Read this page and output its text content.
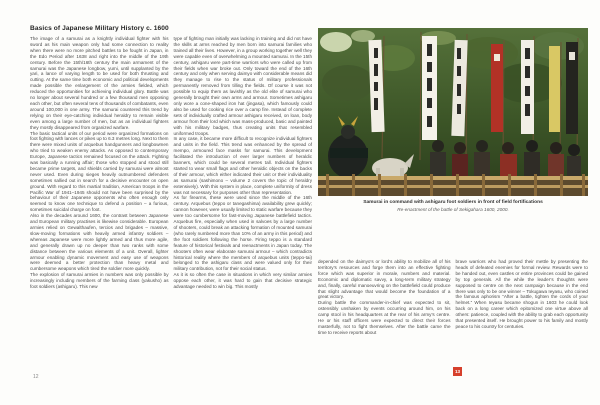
Basics of Japanese Military History c. 1600

The image of a samurai as a knightly individual fighter with his sword as his main weapon only had some connection to reality when there were no more pitched battles to be fought in Japan, in the Edo Period after 1638 and right into the middle of the 19th century. Before the 15th/16th century the main armament of the samurai was the Japanese longbow, yumi, until supplanted by the yari, a lance of varying length to be used for both thrusting and cutting. At the same time both economic and political developments made possible the enlargement of the armies fielded, which reduced the opportunities for achieving individual glory. Battle was no longer about several hundred or a few thousand men opposing each other, but often several tens of thousands of combatants, even around 100,000 in one army. The samurai countered this trend by relying on their eye-catching individual heraldry to remain visible even among a large number of men, but as an individual fighters they mostly disappeared from organized warfare.

The basic tactical units of our period were organized formations on foot fighting with lances or pikes up to 6.3 metres long. Next to them there were mixed units of arquebus handgunners and longbowmen who tried to weaken enemy attacks. As opposed to contemporary Europe, Japanese tactics remained focused on the attack. Fighting was basically a running affair; those who stopped and stood still became prime targets, and shields carried by samurai were almost never used. Even during sieges heavily outnumbered defenders sometimes sallied out in search for a decisive encounter on open ground. With regard to this martial tradition, American troops in the Pacific War of 1941–1945 should not have been surprised by the behaviour of their Japanese opponents who often enough only seemed to know one technique to defend a position – a furious, sometimes suicidal charge on foot.

Also in the decades around 1600, the contrast between Japanese and European military practises is likewise considerable. European armies relied on Gewalthaufen, tercios and brigades – massive, slow-moving formations with heavily armed infantry soldiers – whereas Japanese were more lightly armed and thus more agile, and generally drawn up no deeper than two ranks with some distance between the various elements of a unit. Overall, lighter armour enabling dynamic movement and easy use of weapons were deemed a better protection than heavy metal and cumbersome weapons which tired the soldier more quickly.

The explosion of samurai armies in numbers was only possible by increasingly including members of the farming class (yakusho) as foot soldiers (ashigaru). This new

type of fighting man initially was lacking in training and did not have the skills at arms reached by men born into samurai families who trained all their lives. However, in a group working together well they were capable even of overwhelming a mounted samurai. In the 15th century, ashigaru were part-time warriors who were called up from their fields when war broke out. Only toward the end of the 16th century and only when serving daimyo with considerable means did they manage to rise to the status of military professionals permanently removed from tilling the fields. Of course it was not possible to equip them as lavishly as the old elite of samurai who generally brought their own arms and armour. Sometimes ashigaru only wore a cone-shaped iron hat (jingasa), which famously could also be used for cooking rice over a camp fire. Instead of complete sets of individually crafted armour ashigaru received, on loan, body armour from their lord which was mass-produced, basic and painted with his military badges, thus creating units that resembled uniformed troops.

In any case, it became more difficult to recognize individual fighters and units in the field. This trend was enhanced by the spread of mempo, armoured face masks for samurai. This development facilitated the introduction of ever larger numbers of heraldic banners, which could be several metres tall. Individual fighters started to wear small flags and other heraldic objects on the backs of their armour, which either indicated their unit or their individuality as samurai (sashimono – volume 2 covers the topic of heraldry extensively). With this system in place, complete uniformity of dress was not necessary for purposes other than representation.

As for firearms, these were used since the middle of the 16th century. Arquebus (teppo or tanegashima) availability grew quickly; cannon however, were usually limited to static warfare because they were too cumbersome for fast-moving Japanese battlefield tactics. Arquebus fire, especially when used in salvoes by a large number of shooters, could break an attacking formation of mounted samurai (who rarely numbered more than 10% of an army in this period) and the foot soldiers following the horse. Firing teppo is a standard feature of historical festivals and reenactments in Japan today. The shooters often wear elaborate samurai armour – which contradicts historical reality where the members of arquebus units (teppo-tai) belonged to the ashigaru class and were valued only for their military contribution, not for their social status.

As it is so often the case in situations in which very similar armies oppose each other, it was hard to gain that decisive strategic advantage needed to win big. This mostly

Samurai in command with ashigaru foot soldiers in front of field fortifications
Re-enactment of the battle of Sekigahara 1600, 2000.

depended on the daimyo’s or lord’s ability to mobilize all of his territory’s resources and forge them into an effective fighting force which was superior in morale, numbers and material. Economic and diplomatic savvy, a long-term military strategy and, finally, careful manoeuvring on the battlefield could produce that slight advantage that would become the foundation of a great victory.

During battle the commander-in-chief was expected to sit, ostensibly unshaken by events occurring around him, on his camp stool in his headquarters at the rear of his army’s centre. He or his staff officers were expected to direct their forces masterfully, not to fight themselves. After the battle came the time to receive reports about

brave warriors who had proved their mettle by presenting the heads of defeated enemies for formal review. Rewards were to be handed out, even castles or entire provinces could be gained by top generals. All the while the leader’s thoughts were supposed to centre on the next campaign because in the end there was only to be one winner – Tokugawa Ieyasu, who coined the famous aphorism “After a battle, tighten the cords of your helmet.” When Ieyasu became shogun in 1603 he could look back on a long career which epitomized one virtue above all others: patience, coupled with the ability to grab each opportunity that presented itself. He brought power to his family and mostly peace to his country for centuries.

12
13
